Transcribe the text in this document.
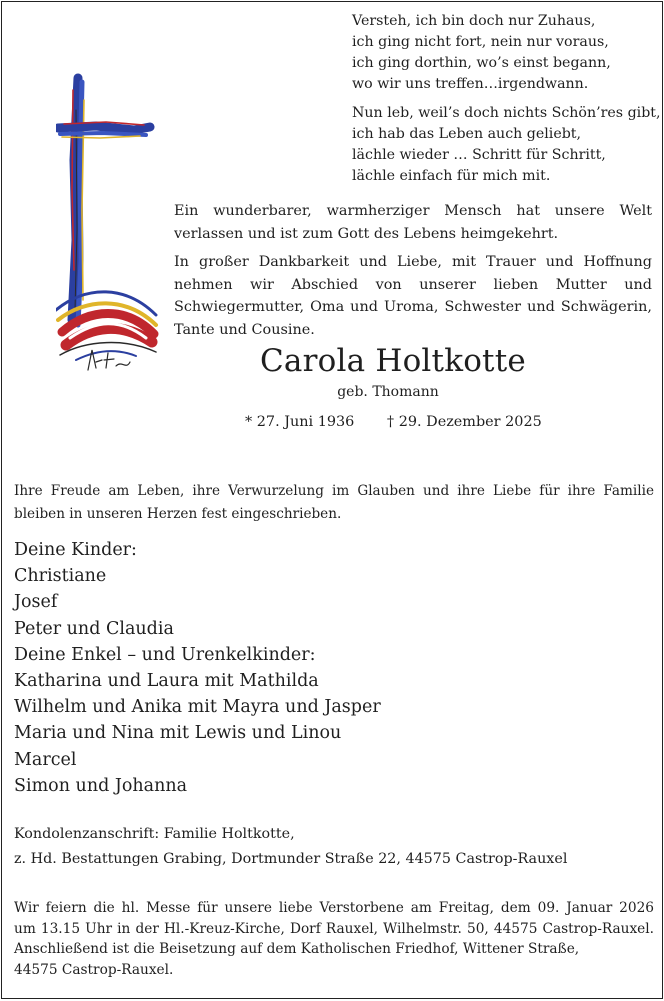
Versteh, ich bin doch nur Zuhaus,
ich ging nicht fort, nein nur voraus,
ich ging dorthin, wo’s einst begann,
wo wir uns treffen…irgendwann.
Nun leb, weil’s doch nichts Schön’res gibt,
ich hab das Leben auch geliebt,
lächle wieder … Schritt für Schritt,
lächle einfach für mich mit.

Ein wunderbarer, warmherziger Mensch hat unsere Welt verlassen und ist zum Gott des Lebens heimgekehrt.

In großer Dankbarkeit und Liebe, mit Trauer und Hoffnung nehmen wir Abschied von unserer lieben Mutter und Schwiegermutter, Oma und Uroma, Schwester und Schwägerin, Tante und Cousine.

Carola Holtkotte
geb. Thomann
* 27. Juni 1936 † 29. Dezember 2025

Ihre Freude am Leben, ihre Verwurzelung im Glauben und ihre Liebe für ihre Familie bleiben in unseren Herzen fest eingeschrieben.

Deine Kinder:
Christiane
Josef
Peter und Claudia
Deine Enkel – und Urenkelkinder:
Katharina und Laura mit Mathilda
Wilhelm und Anika mit Mayra und Jasper
Maria und Nina mit Lewis und Linou
Marcel
Simon und Johanna
Kondolenzanschrift: Familie Holtkotte,
z. Hd. Bestattungen Grabing, Dortmunder Straße 22, 44575 Castrop-Rauxel
Wir feiern die hl. Messe für unsere liebe Verstorbene am Freitag, dem 09. Januar 2026
um 13.15 Uhr in der Hl.-Kreuz-Kirche, Dorf Rauxel, Wilhelmstr. 50, 44575 Castrop-Rauxel.
Anschließend ist die Beisetzung auf dem Katholischen Friedhof, Wittener Straße,
44575 Castrop-Rauxel.
